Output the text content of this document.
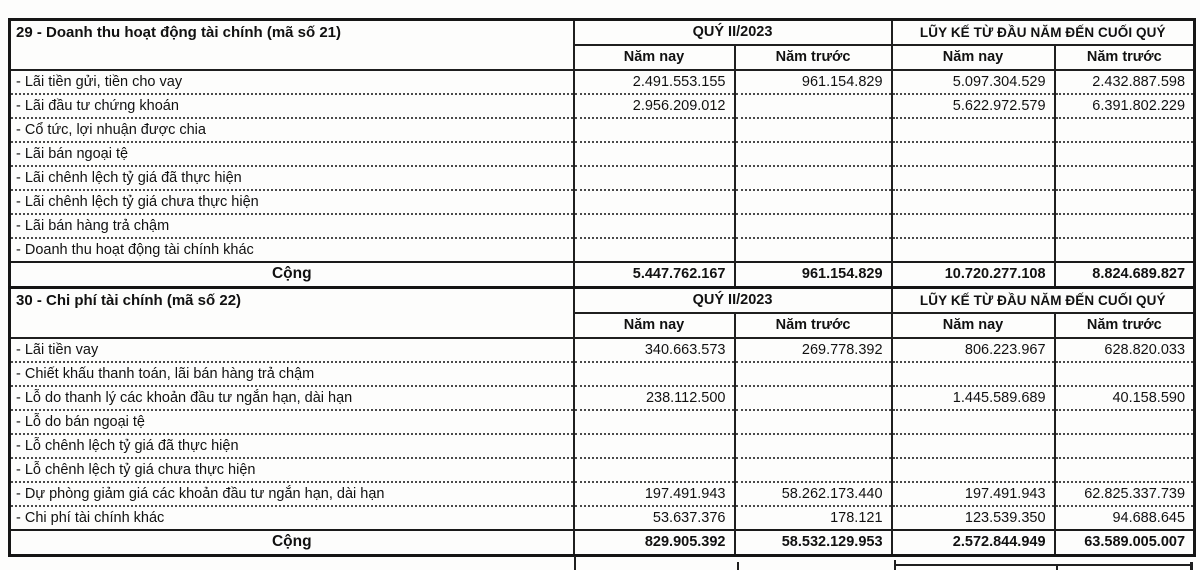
29 - Doanh thu hoạt động tài chính (mã số 21)	QUÝ II/2023		LŨY KẾ TỪ ĐẦU NĂM ĐẾN CUỐI QUÝ	
	Năm nay	Năm trước	Năm nay	Năm trước
- Lãi tiền gửi, tiền cho vay	2.491.553.155	961.154.829	5.097.304.529	2.432.887.598
- Lãi đầu tư chứng khoán	2.956.209.012		5.622.972.579	6.391.802.229
- Cổ tức, lợi nhuận được chia				
- Lãi bán ngoại tệ				
- Lãi chênh lệch tỷ giá đã thực hiện				
- Lãi chênh lệch tỷ giá chưa thực hiện				
- Lãi bán hàng trả chậm				
- Doanh thu hoạt động tài chính khác				
Cộng	5.447.762.167	961.154.829	10.720.277.108	8.824.689.827
30 - Chi phí tài chính (mã số 22)	QUÝ II/2023		LŨY KẾ TỪ ĐẦU NĂM ĐẾN CUỐI QUÝ	
	Năm nay	Năm trước	Năm nay	Năm trước
- Lãi tiền vay	340.663.573	269.778.392	806.223.967	628.820.033
- Chiết khấu thanh toán, lãi bán hàng trả chậm				
- Lỗ do thanh lý các khoản đầu tư ngắn hạn, dài hạn	238.112.500		1.445.589.689	40.158.590
- Lỗ do bán ngoại tệ				
- Lỗ chênh lệch tỷ giá đã thực hiện				
- Lỗ chênh lệch tỷ giá chưa thực hiện				
- Dự phòng giảm giá các khoản đầu tư ngắn hạn, dài hạn	197.491.943	58.262.173.440	197.491.943	62.825.337.739
- Chi phí tài chính khác	53.637.376	178.121	123.539.350	94.688.645
Cộng	829.905.392	58.532.129.953	2.572.844.949	63.589.005.007
